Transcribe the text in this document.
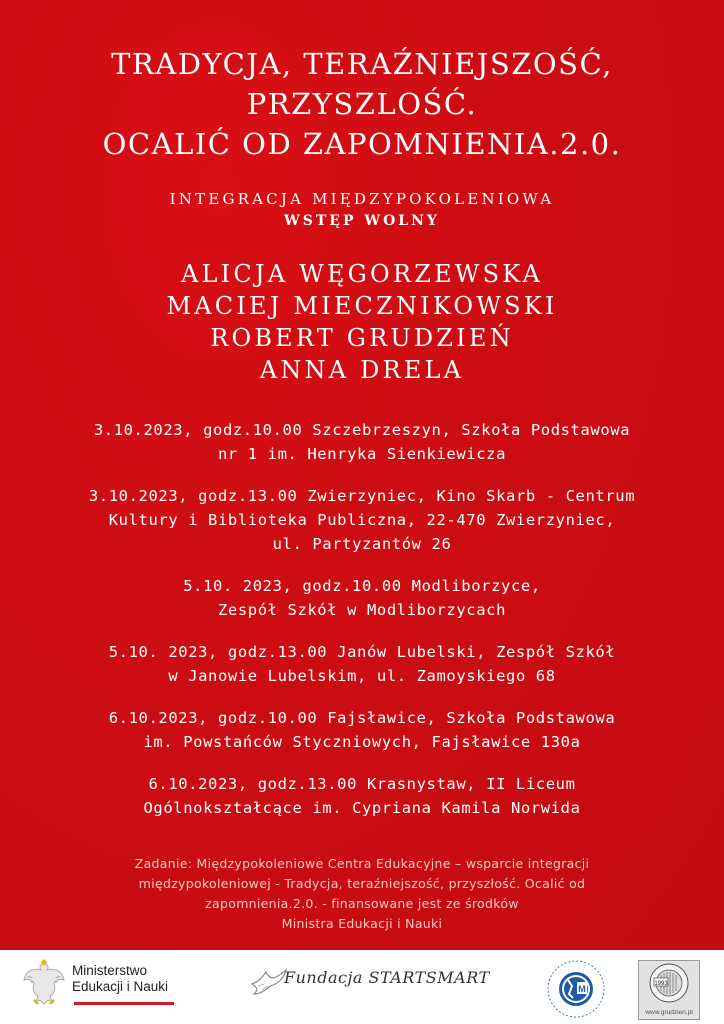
TRADYCJA, TERAŹNIEJSZOŚĆ,
PRZYSZLOŚĆ.
OCALIĆ OD ZAPOMNIENIA.2.0.
INTEGRACJA MIĘDZYPOKOLENIOWA
WSTĘP WOLNY
ALICJA WĘGORZEWSKA
MACIEJ MIECZNIKOWSKI
ROBERT GRUDZIEŃ
ANNA DRELA
3.10.2023, godz.10.00 Szczebrzeszyn, Szkoła Podstawowa
nr 1 im. Henryka Sienkiewicza
3.10.2023, godz.13.00 Zwierzyniec, Kino Skarb - Centrum
Kultury i Biblioteka Publiczna, 22-470 Zwierzyniec,
ul. Partyzantów 26
5.10. 2023, godz.10.00 Modliborzyce,
Zespół Szkół w Modliborzycach
5.10. 2023, godz.13.00 Janów Lubelski, Zespół Szkół
w Janowie Lubelskim, ul. Zamoyskiego 68
6.10.2023, godz.10.00 Fajsławice, Szkoła Podstawowa
im. Powstańców Styczniowych, Fajsławice 130a
6.10.2023, godz.13.00 Krasnystaw, II Liceum
Ogólnokształcące im. Cypriana Kamila Norwida
Zadanie: Międzypokoleniowe Centra Edukacyjne – wsparcie integracji
międzypokoleniowej - Tradycja, teraźniejszość, przyszłość. Ocalić od
zapomnienia.2.0. - finansowane jest ze środków
Ministra Edukacji i Nauki
Ministerstwo
Edukacji i Nauki	Fundacja STARTSMART
M	1993
www.grudzien.pl
